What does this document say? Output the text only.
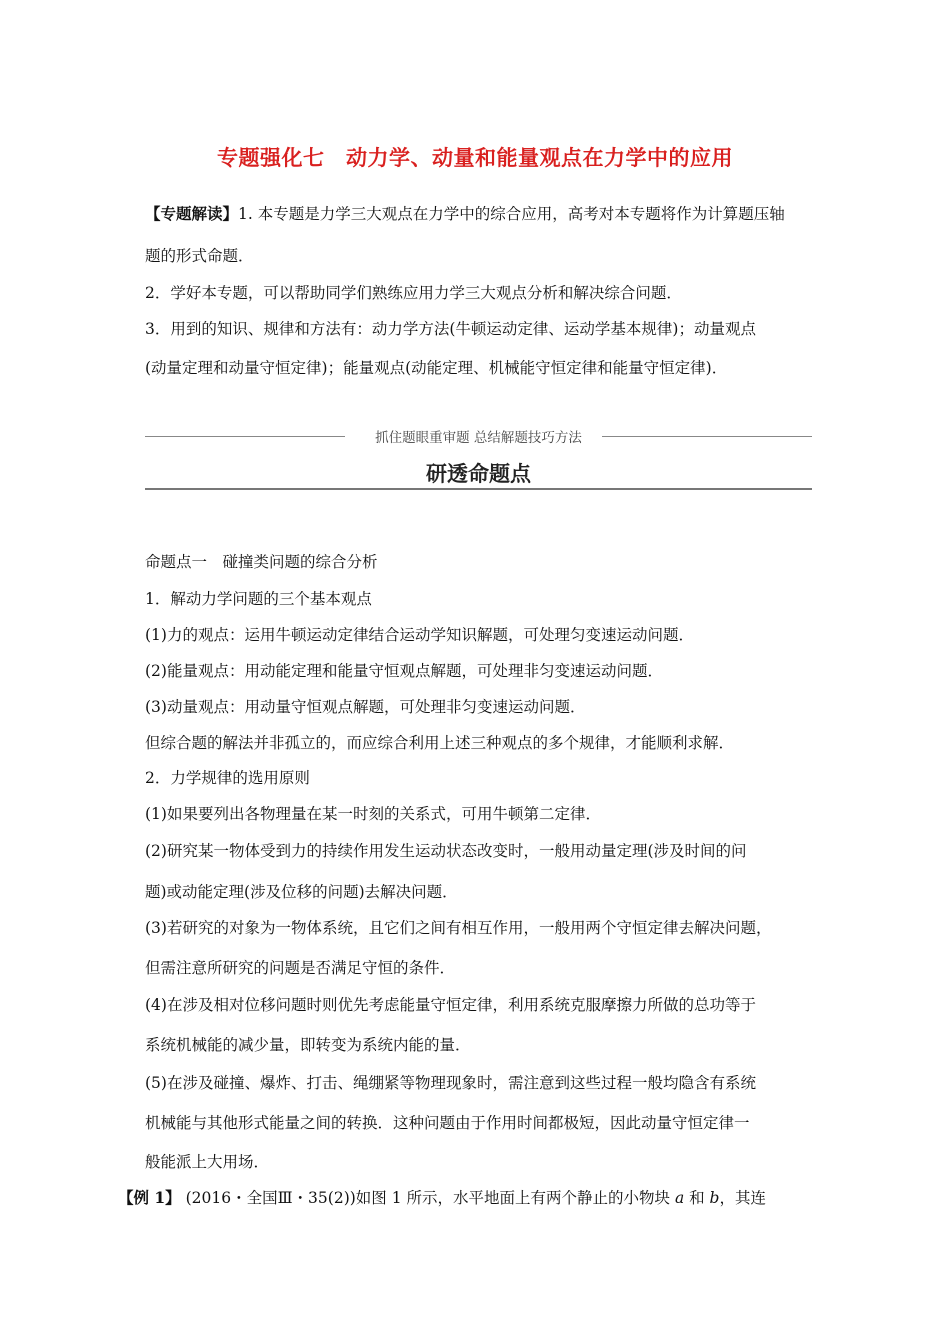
专题强化七　动力学、动量和能量观点在力学中的应用
【专题解读】1. 本专题是力学三大观点在力学中的综合应用，高考对本专题将作为计算题压轴
题的形式命题．
2．学好本专题，可以帮助同学们熟练应用力学三大观点分析和解决综合问题．
3．用到的知识、规律和方法有：动力学方法(牛顿运动定律、运动学基本规律)；动量观点
(动量定理和动量守恒定律)；能量观点(动能定理、机械能守恒定律和能量守恒定律)．
抓住题眼重审题 总结解题技巧方法
研透命题点
命题点一　碰撞类问题的综合分析
1．解动力学问题的三个基本观点
(1)力的观点：运用牛顿运动定律结合运动学知识解题，可处理匀变速运动问题．
(2)能量观点：用动能定理和能量守恒观点解题，可处理非匀变速运动问题．
(3)动量观点：用动量守恒观点解题，可处理非匀变速运动问题．
但综合题的解法并非孤立的，而应综合利用上述三种观点的多个规律，才能顺利求解．
2．力学规律的选用原则
(1)如果要列出各物理量在某一时刻的关系式，可用牛顿第二定律．
(2)研究某一物体受到力的持续作用发生运动状态改变时，一般用动量定理(涉及时间的问
题)或动能定理(涉及位移的问题)去解决问题．
(3)若研究的对象为一物体系统，且它们之间有相互作用，一般用两个守恒定律去解决问题，
但需注意所研究的问题是否满足守恒的条件．
(4)在涉及相对位移问题时则优先考虑能量守恒定律，利用系统克服摩擦力所做的总功等于
系统机械能的减少量，即转变为系统内能的量．
(5)在涉及碰撞、爆炸、打击、绳绷紧等物理现象时，需注意到这些过程一般均隐含有系统
机械能与其他形式能量之间的转换．这种问题由于作用时间都极短，因此动量守恒定律一
般能派上大用场．
【例 1】 (2016・全国Ⅲ・35(2))如图 1 所示，水平地面上有两个静止的小物块 a 和 b，其连
